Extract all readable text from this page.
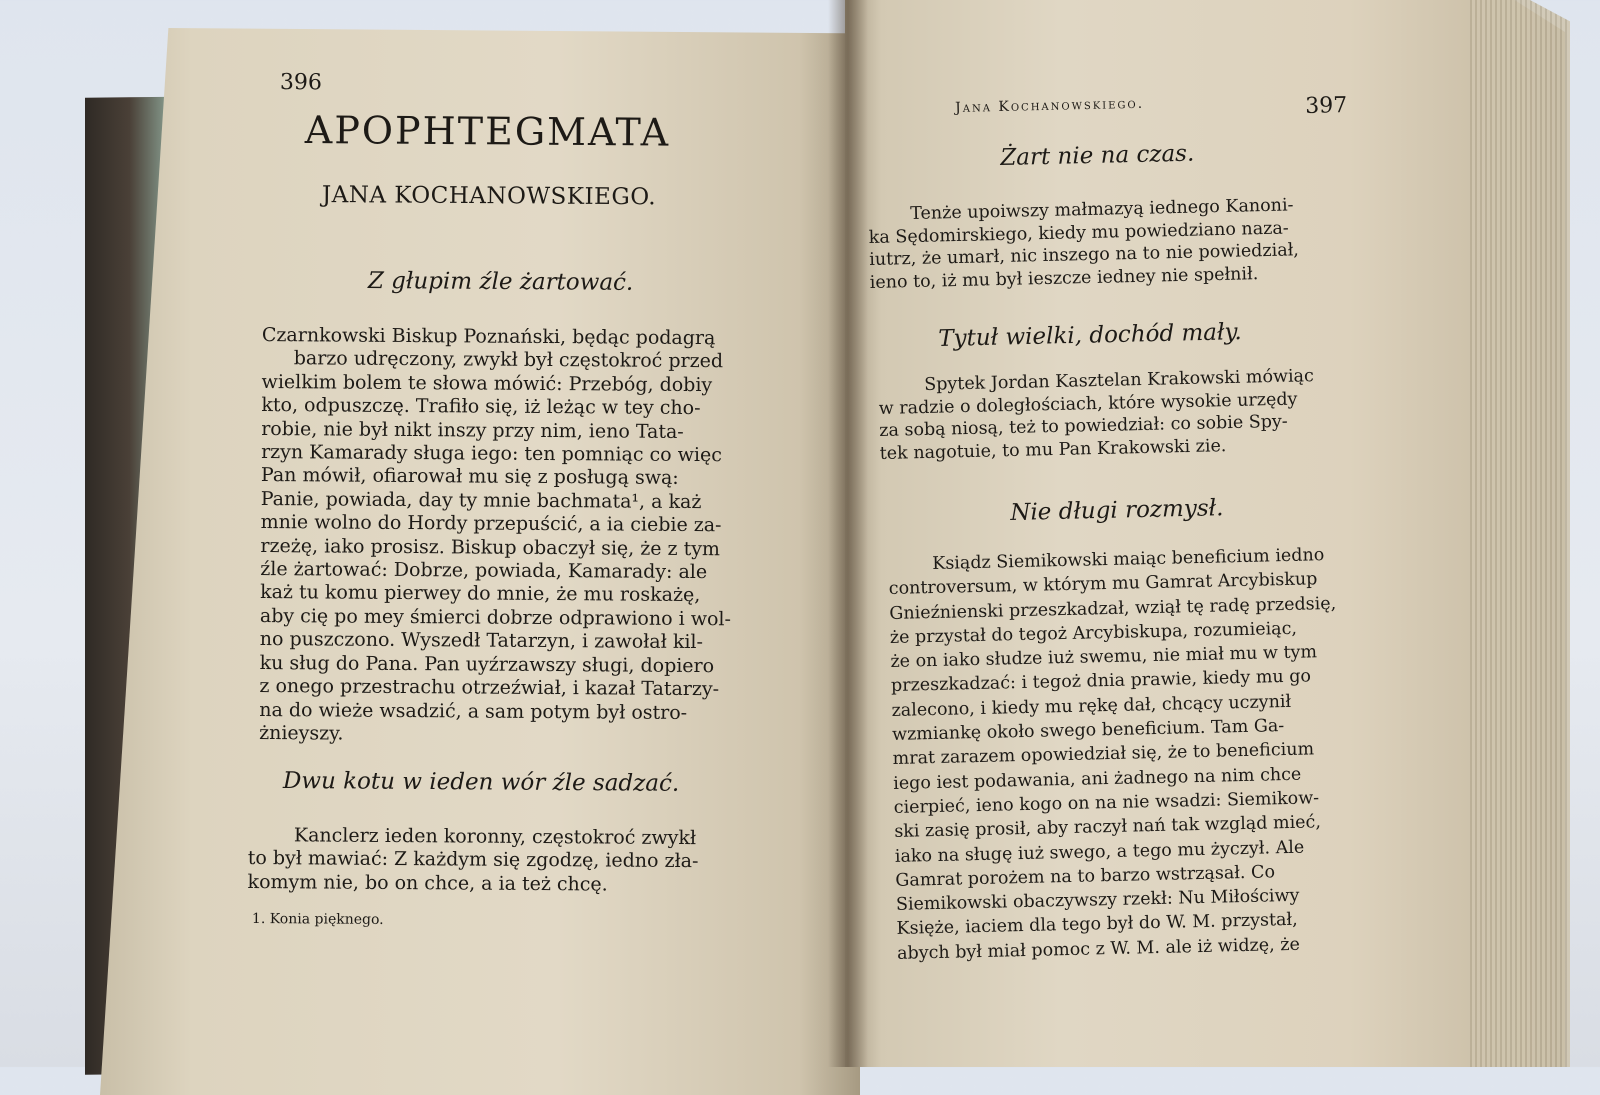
396
APOPHTEGMATA
JANA KOCHANOWSKIEGO.
Z głupim źle żartować.
Czarnkowski Biskup Poznański, będąc podagrą
barzo udręczony, zwykł był częstokroć przed
wielkim bolem te słowa mówić: Przebóg, dobiy
kto, odpuszczę. Trafiło się, iż leżąc w tey cho-
robie, nie był nikt inszy przy nim, ieno Tata-
rzyn Kamarady sługa iego: ten pomniąc co więc
Pan mówił, ofiarował mu się z posługą swą:
Panie, powiada, day ty mnie bachmata¹, a każ
mnie wolno do Hordy przepuścić, a ia ciebie za-
rzeżę, iako prosisz. Biskup obaczył się, że z tym
źle żartować: Dobrze, powiada, Kamarady: ale
każ tu komu pierwey do mnie, że mu roskażę,
aby cię po mey śmierci dobrze odprawiono i wol-
no puszczono. Wyszedł Tatarzyn, i zawołał kil-
ku sług do Pana. Pan uyźrzawszy sługi, dopiero
z onego przestrachu otrzeźwiał, i kazał Tatarzy-
na do wieże wsadzić, a sam potym był ostro-
żnieyszy.
Dwu kotu w ieden wór źle sadzać.
Kanclerz ieden koronny, częstokroć zwykł
to był mawiać: Z każdym się zgodzę, iedno zła-
komym nie, bo on chce, a ia też chcę.
1. Konia pięknego.
Jana Kochanowskiego.	397
Żart nie na czas.
Tenże upoiwszy małmazyą iednego Kanoni-
ka Sędomirskiego, kiedy mu powiedziano naza-
iutrz, że umarł, nic inszego na to nie powiedział,
ieno to, iż mu był ieszcze iedney nie spełnił.
Tytuł wielki, dochód mały.
Spytek Jordan Kasztelan Krakowski mówiąc
w radzie o doległościach, które wysokie urzędy
za sobą niosą, też to powiedział: co sobie Spy-
tek nagotuie, to mu Pan Krakowski zie.
Nie długi rozmysł.
Ksiądz Siemikowski maiąc beneficium iedno
controversum, w którym mu Gamrat Arcybiskup
Gnieźnienski przeszkadzał, wziął tę radę przedsię,
że przystał do tegoż Arcybiskupa, rozumieiąc,
że on iako słudze iuż swemu, nie miał mu w tym
przeszkadzać: i tegoż dnia prawie, kiedy mu go
zalecono, i kiedy mu rękę dał, chcący uczynił
wzmiankę około swego beneficium. Tam Ga-
mrat zarazem opowiedział się, że to beneficium
iego iest podawania, ani żadnego na nim chce
cierpieć, ieno kogo on na nie wsadzi: Siemikow-
ski zasię prosił, aby raczył nań tak wzgląd mieć,
iako na sługę iuż swego, a tego mu życzył. Ale
Gamrat porożem na to barzo wstrząsał. Co
Siemikowski obaczywszy rzekł: Nu Miłościwy
Księże, iaciem dla tego był do W. M. przystał,
abych był miał pomoc z W. M. ale iż widzę, że
